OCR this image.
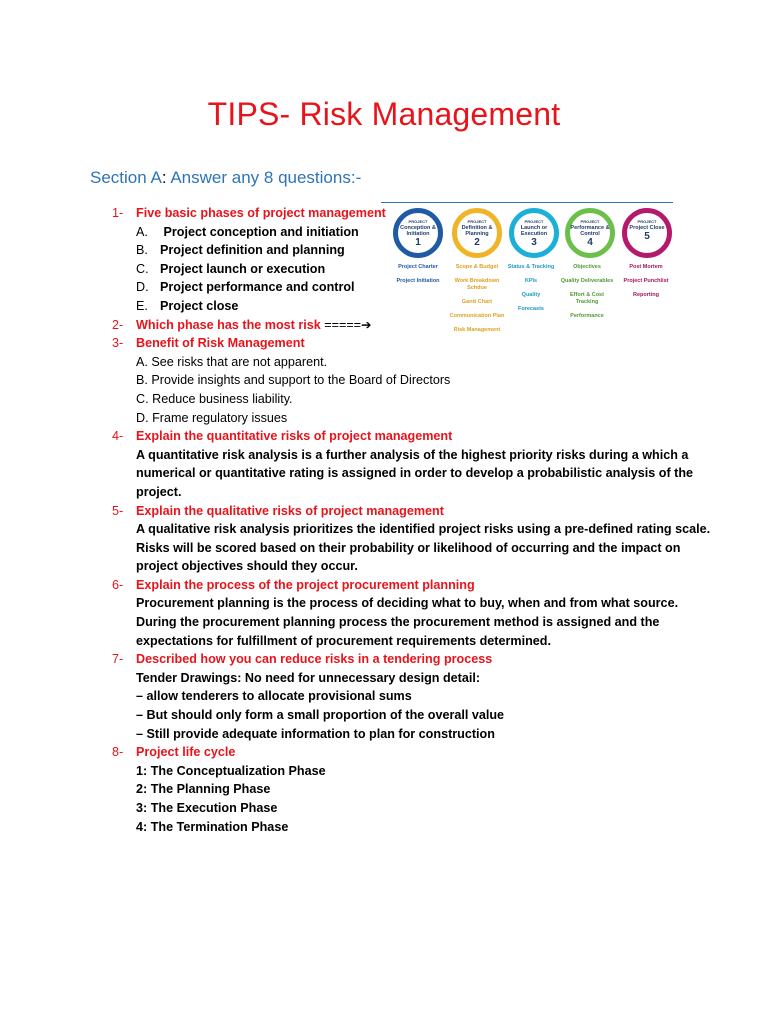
TIPS- Risk Management
Section A: Answer any 8 questions:-
PROJECT
Conception & Initiation
1
PROJECT
Definition & Planning
2
PROJECT
Launch or Execution
3
PROJECT
Performance & Control
4
PROJECT
Project Close
5
Project Charter
Project Initiation
Scope & Budget
Work Breakdown Schdue
Gantt Chart
Communication Plan
Risk Management
Status & Tracking
KPIs
Quality
Forecasts
Objectives
Quality Deliverables
Effort & Cost Tracking
Performance
Post Mortem
Project Punchlist
Reporting
1- Five basic phases of project management
A. Project conception and initiation
B. Project definition and planning
C. Project launch or execution
D. Project performance and control
E. Project close
2- Which phase has the most risk =====➔
3- Benefit of Risk Management
A. See risks that are not apparent.
B. Provide insights and support to the Board of Directors
C. Reduce business liability.
D. Frame regulatory issues
4- Explain the quantitative risks of project management
A quantitative risk analysis is a further analysis of the highest priority risks during a which a
numerical or quantitative rating is assigned in order to develop a probabilistic analysis of the
project.
5- Explain the qualitative risks of project management
A qualitative risk analysis prioritizes the identified project risks using a pre-defined rating scale.
Risks will be scored based on their probability or likelihood of occurring and the impact on
project objectives should they occur.
6- Explain the process of the project procurement planning
Procurement planning is the process of deciding what to buy, when and from what source.
During the procurement planning process the procurement method is assigned and the
expectations for fulfillment of procurement requirements determined.
7- Described how you can reduce risks in a tendering process
Tender Drawings: No need for unnecessary design detail:
– allow tenderers to allocate provisional sums
– But should only form a small proportion of the overall value
– Still provide adequate information to plan for construction
8- Project life cycle
1: The Conceptualization Phase
2: The Planning Phase
3: The Execution Phase
4: The Termination Phase
